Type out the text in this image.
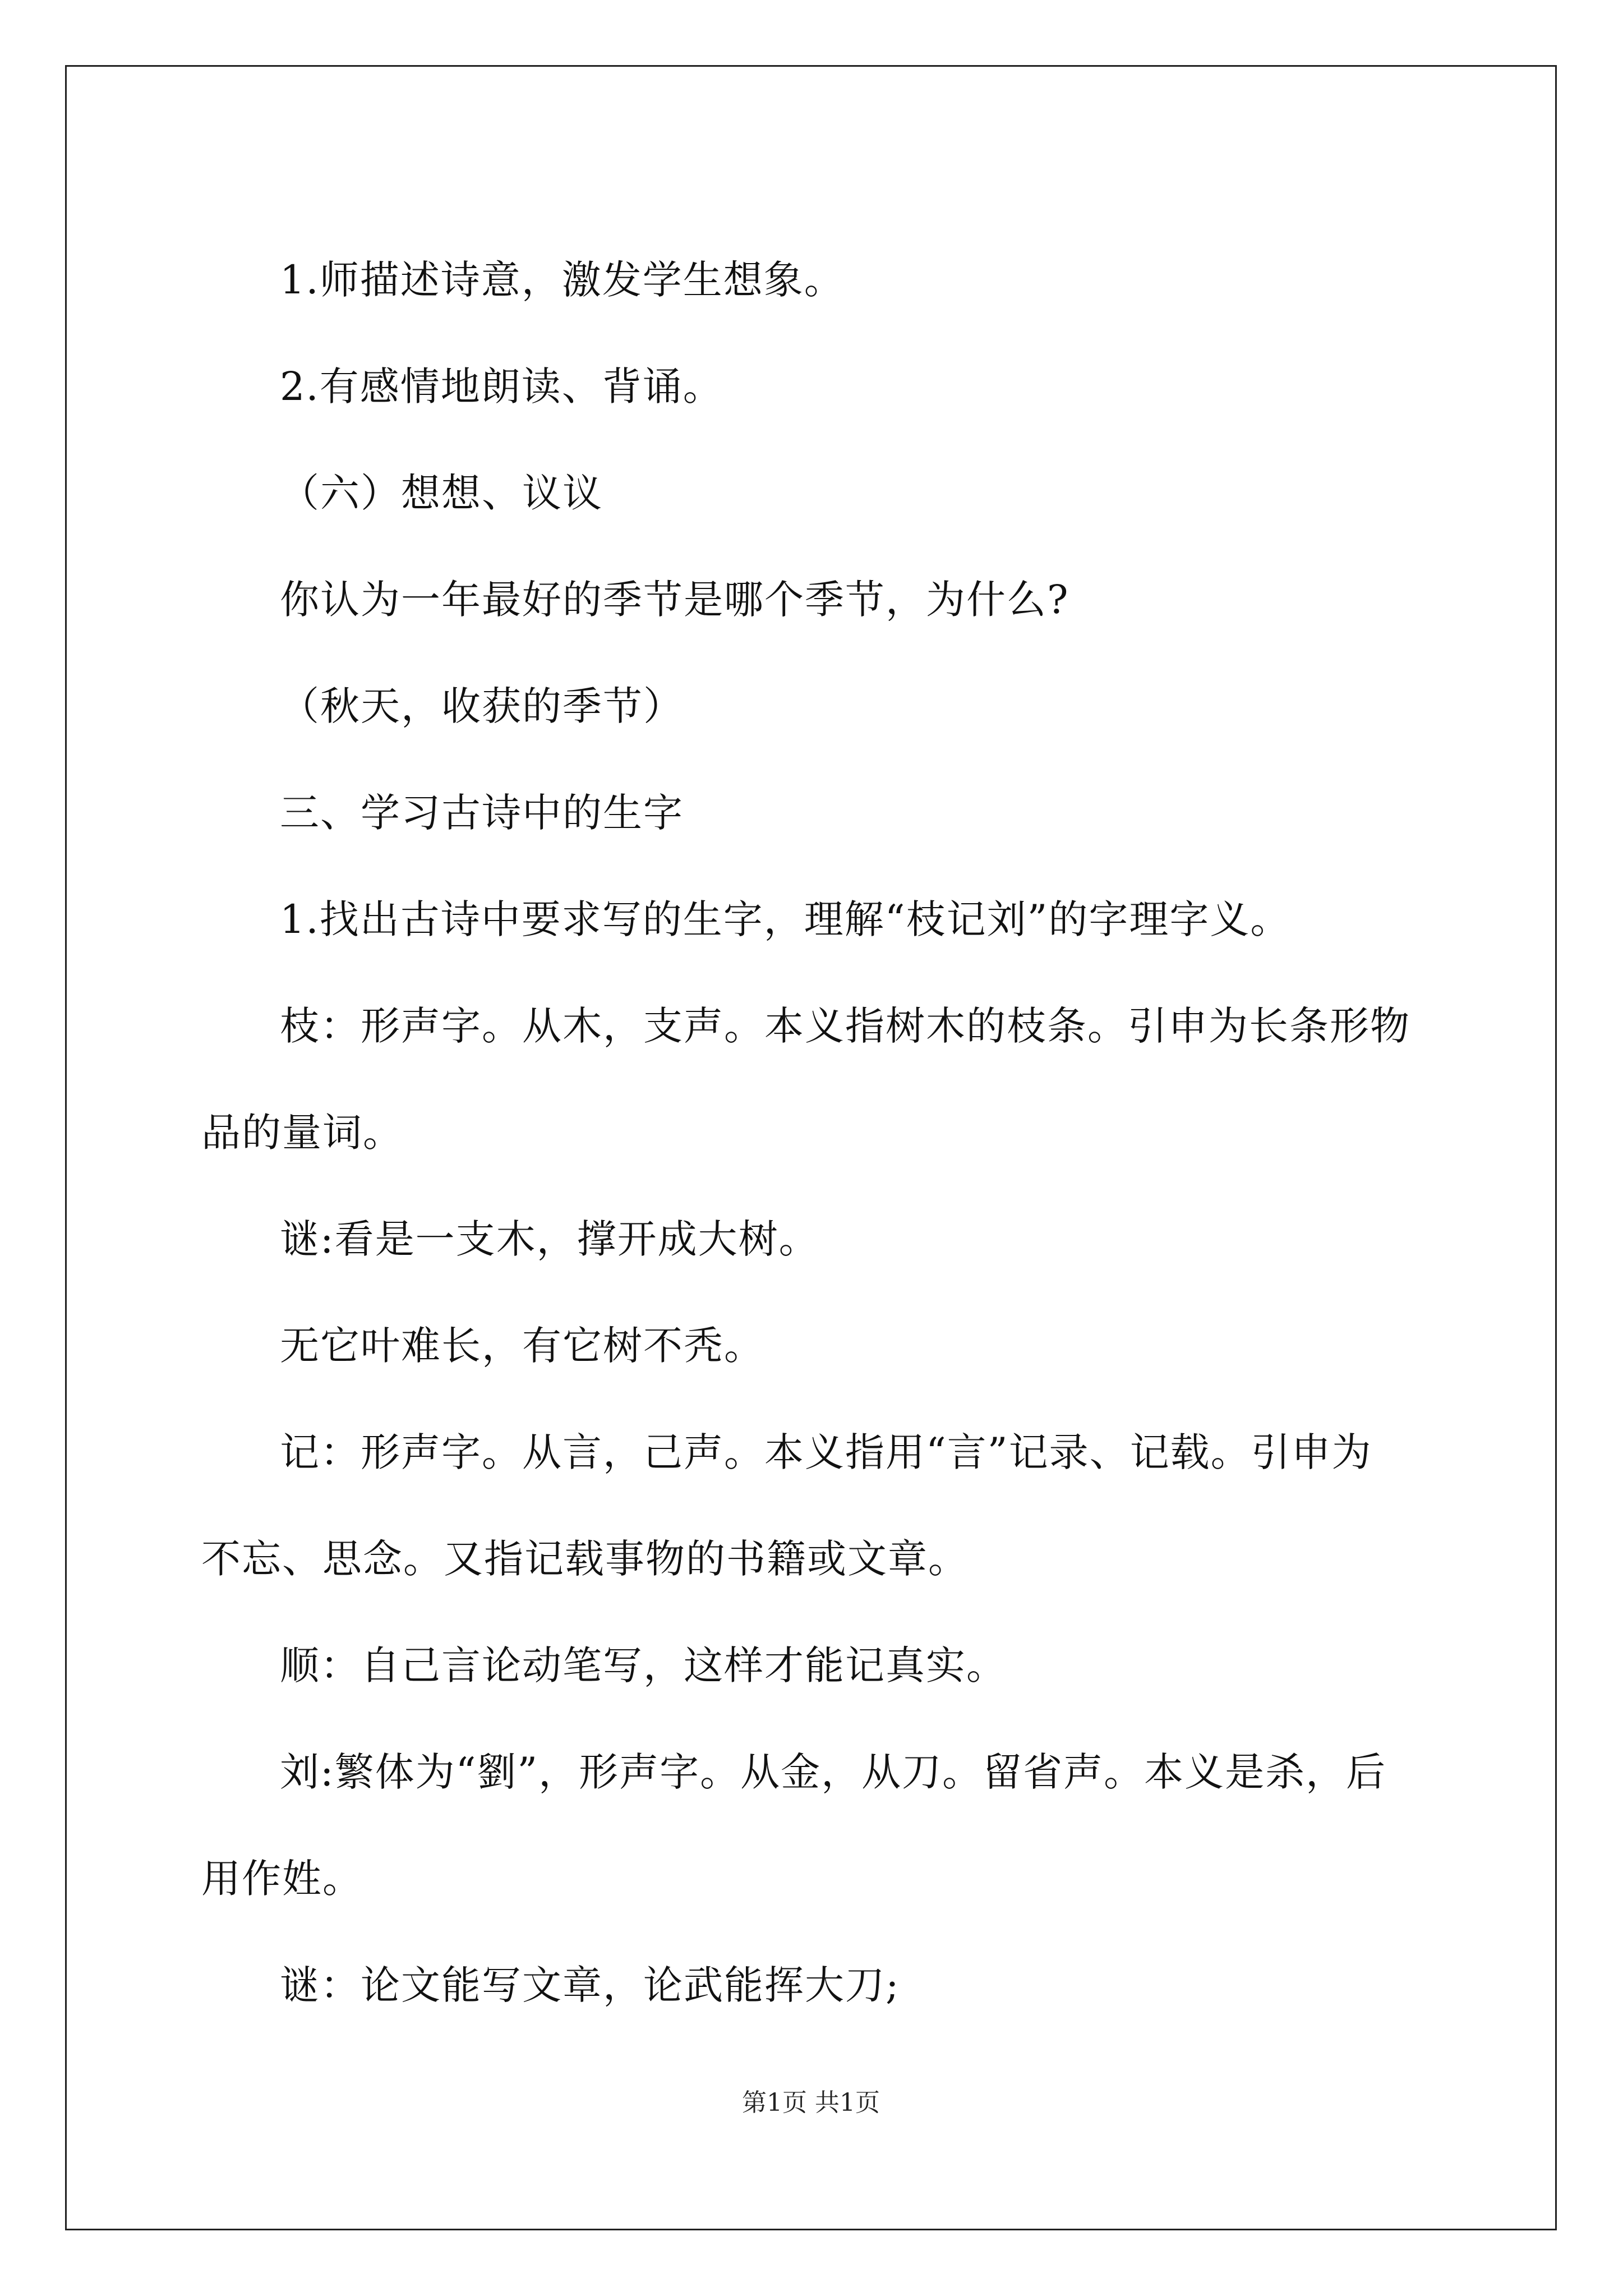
1.师描述诗意，激发学生想象。
2.有感情地朗读、背诵。
（六）想想、议议
你认为一年最好的季节是哪个季节，为什么?
（秋天，收获的季节）
三、学习古诗中的生字
1.找出古诗中要求写的生字，理解“枝记刘”的字理字义。
枝：形声字。从木，支声。本义指树木的枝条。引申为长条形物
品的量词。
谜:看是一支木，撑开成大树。
无它叶难长，有它树不秃。
记：形声字。从言，己声。本义指用“言”记录、记载。引申为
不忘、思念。又指记载事物的书籍或文章。
顺：自己言论动笔写，这样才能记真实。
刘:繁体为“劉”，形声字。从金，从刀。留省声。本义是杀，后
用作姓。
谜：论文能写文章，论武能挥大刀;
第1页 共1页
